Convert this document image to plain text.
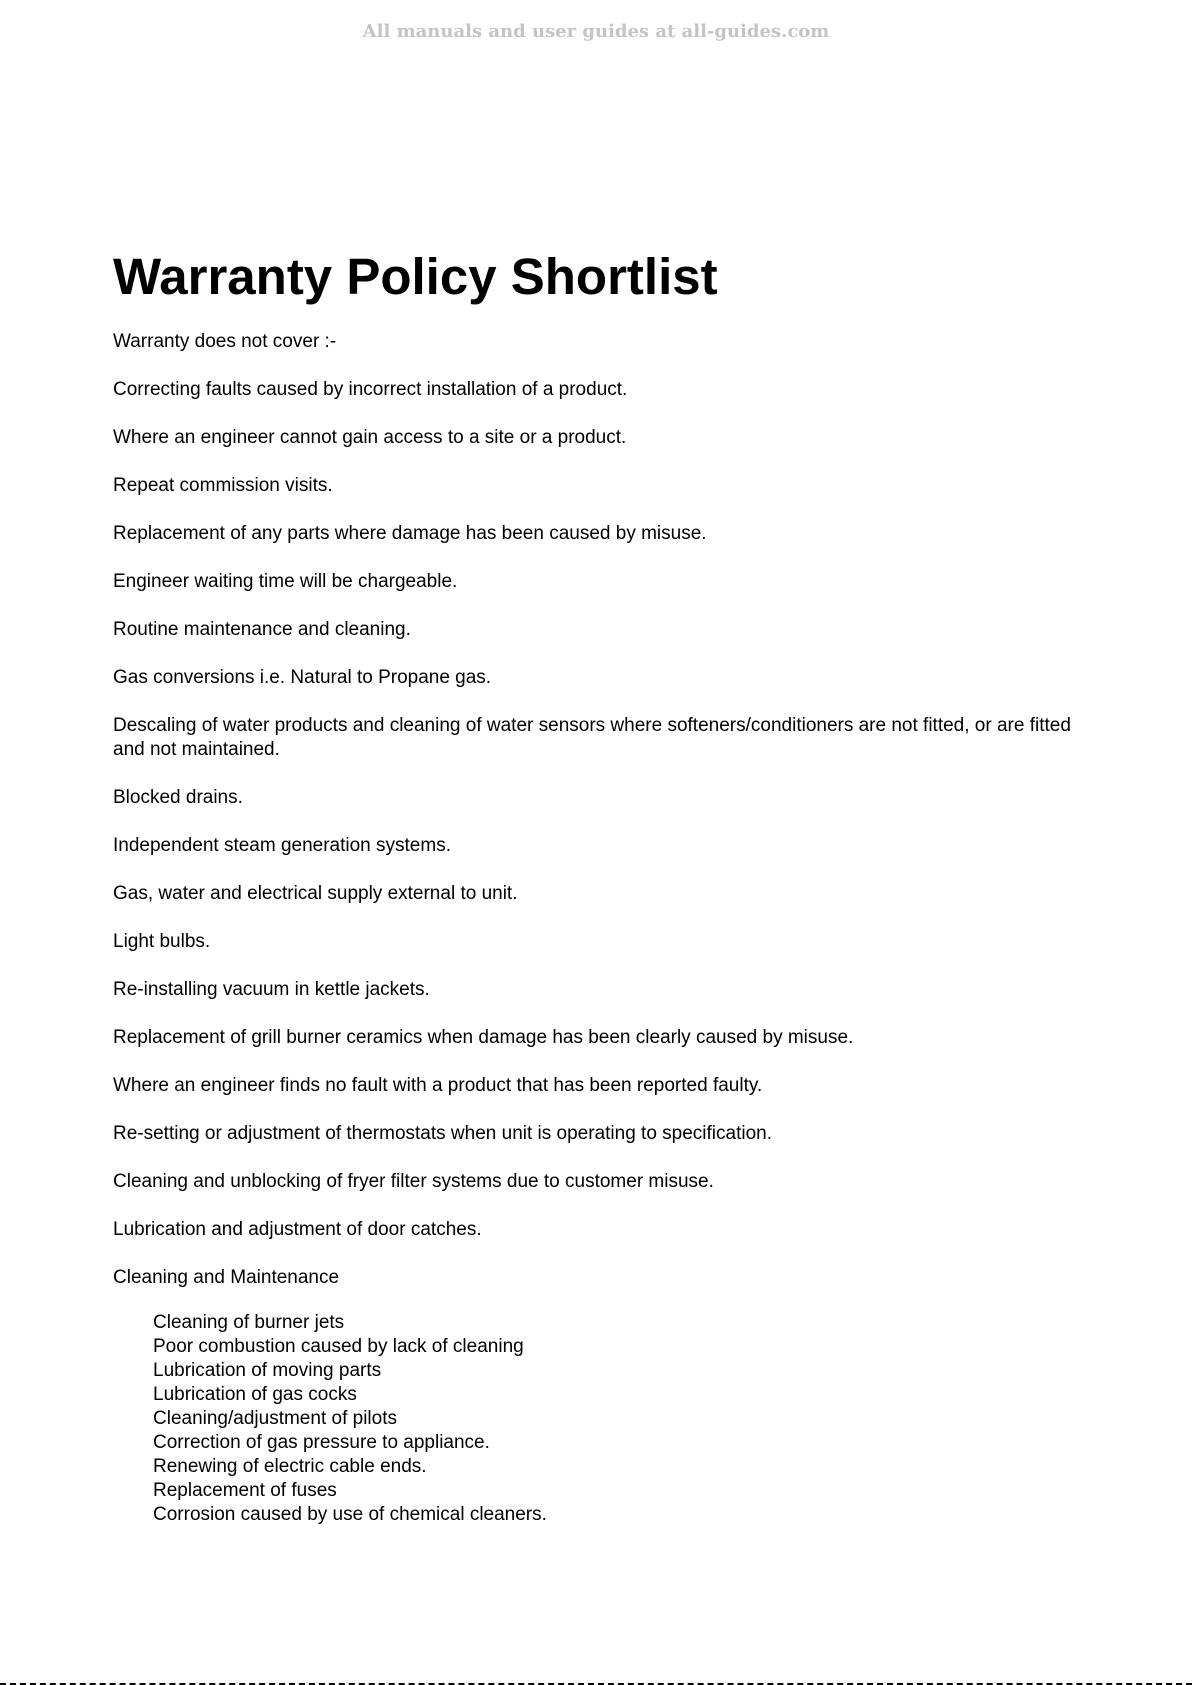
All manuals and user guides at all-guides.com
Warranty Policy Shortlist

Warranty does not cover :-

Correcting faults caused by incorrect installation of a product.
Where an engineer cannot gain access to a site or a product.
Repeat commission visits.
Replacement of any parts where damage has been caused by misuse.
Engineer waiting time will be chargeable.
Routine maintenance and cleaning.
Gas conversions i.e. Natural to Propane gas.
Descaling of water products and cleaning of water sensors where softeners/conditioners are not fitted, or are fitted and not maintained.
Blocked drains.
Independent steam generation systems.
Gas, water and electrical supply external to unit.
Light bulbs.
Re-installing vacuum in kettle jackets.
Replacement of grill burner ceramics when damage has been clearly caused by misuse.
Where an engineer finds no fault with a product that has been reported faulty.
Re-setting or adjustment of thermostats when unit is operating to specification.
Cleaning and unblocking of fryer filter systems due to customer misuse.
Lubrication and adjustment of door catches.
Cleaning and Maintenance
Cleaning of burner jets
Poor combustion caused by lack of cleaning
Lubrication of moving parts
Lubrication of gas cocks
Cleaning/adjustment of pilots
Correction of gas pressure to appliance.
Renewing of electric cable ends.
Replacement of fuses
Corrosion caused by use of chemical cleaners.
